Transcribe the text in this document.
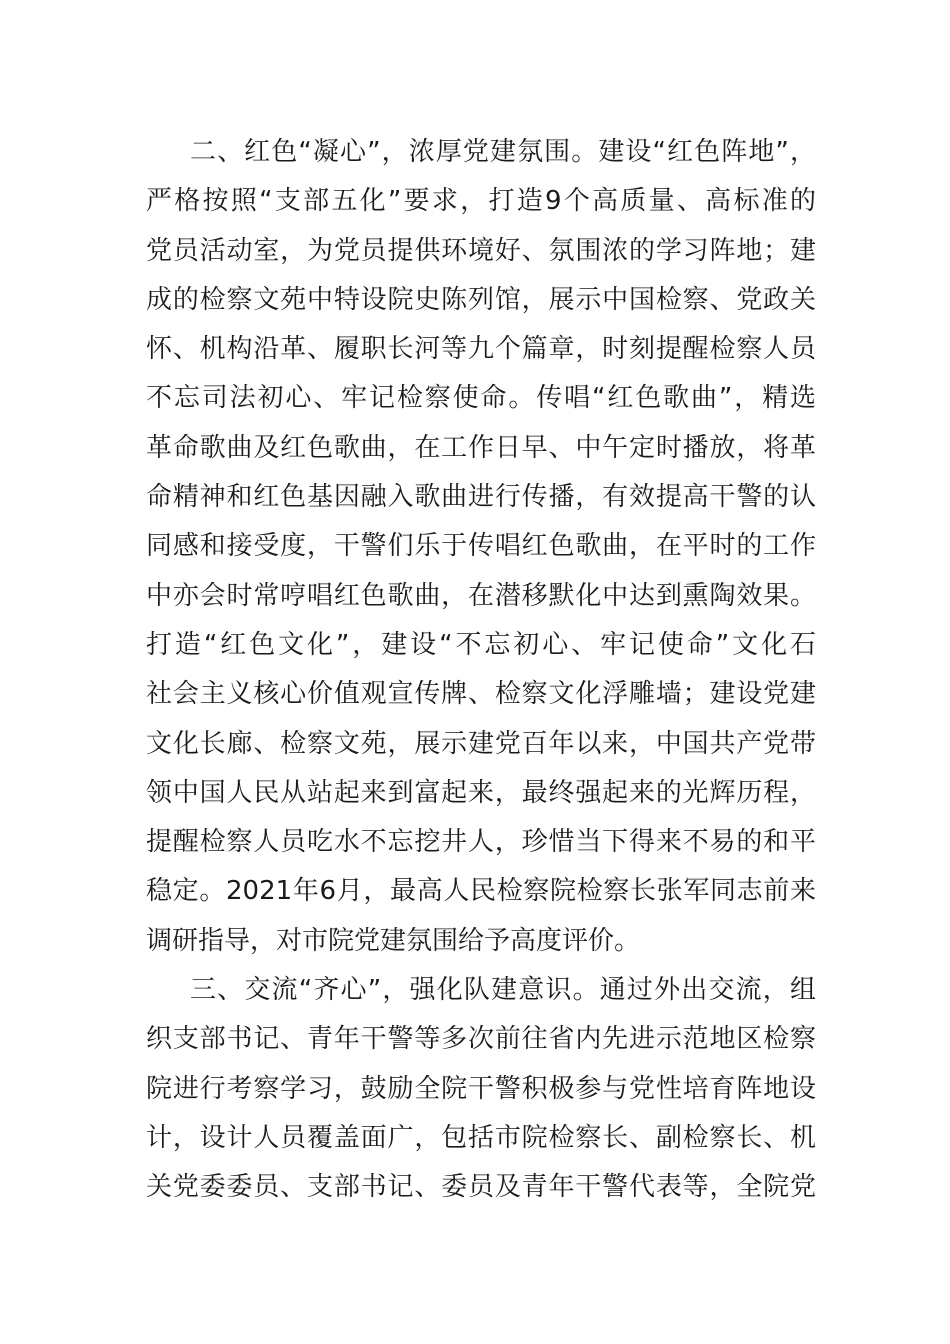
二、红色“凝心”，浓厚党建氛围。建设“红色阵地”，
严格按照“支部五化”要求，打造9个高质量、高标准的
党员活动室，为党员提供环境好、氛围浓的学习阵地；建
成的检察文苑中特设院史陈列馆，展示中国检察、党政关
怀、机构沿革、履职长河等九个篇章，时刻提醒检察人员
不忘司法初心、牢记检察使命。传唱“红色歌曲”，精选
革命歌曲及红色歌曲，在工作日早、中午定时播放，将革
命精神和红色基因融入歌曲进行传播，有效提高干警的认
同感和接受度，干警们乐于传唱红色歌曲，在平时的工作
中亦会时常哼唱红色歌曲，在潜移默化中达到熏陶效果。
打造“红色文化”，建设“不忘初心、牢记使命”文化石
社会主义核心价值观宣传牌、检察文化浮雕墙；建设党建
文化长廊、检察文苑，展示建党百年以来，中国共产党带
领中国人民从站起来到富起来，最终强起来的光辉历程，
提醒检察人员吃水不忘挖井人，珍惜当下得来不易的和平
稳定。2021年6月，最高人民检察院检察长张军同志前来
调研指导，对市院党建氛围给予高度评价。
三、交流“齐心”，强化队建意识。通过外出交流，组
织支部书记、青年干警等多次前往省内先进示范地区检察
院进行考察学习，鼓励全院干警积极参与党性培育阵地设
计，设计人员覆盖面广，包括市院检察长、副检察长、机
关党委委员、支部书记、委员及青年干警代表等，全院党
